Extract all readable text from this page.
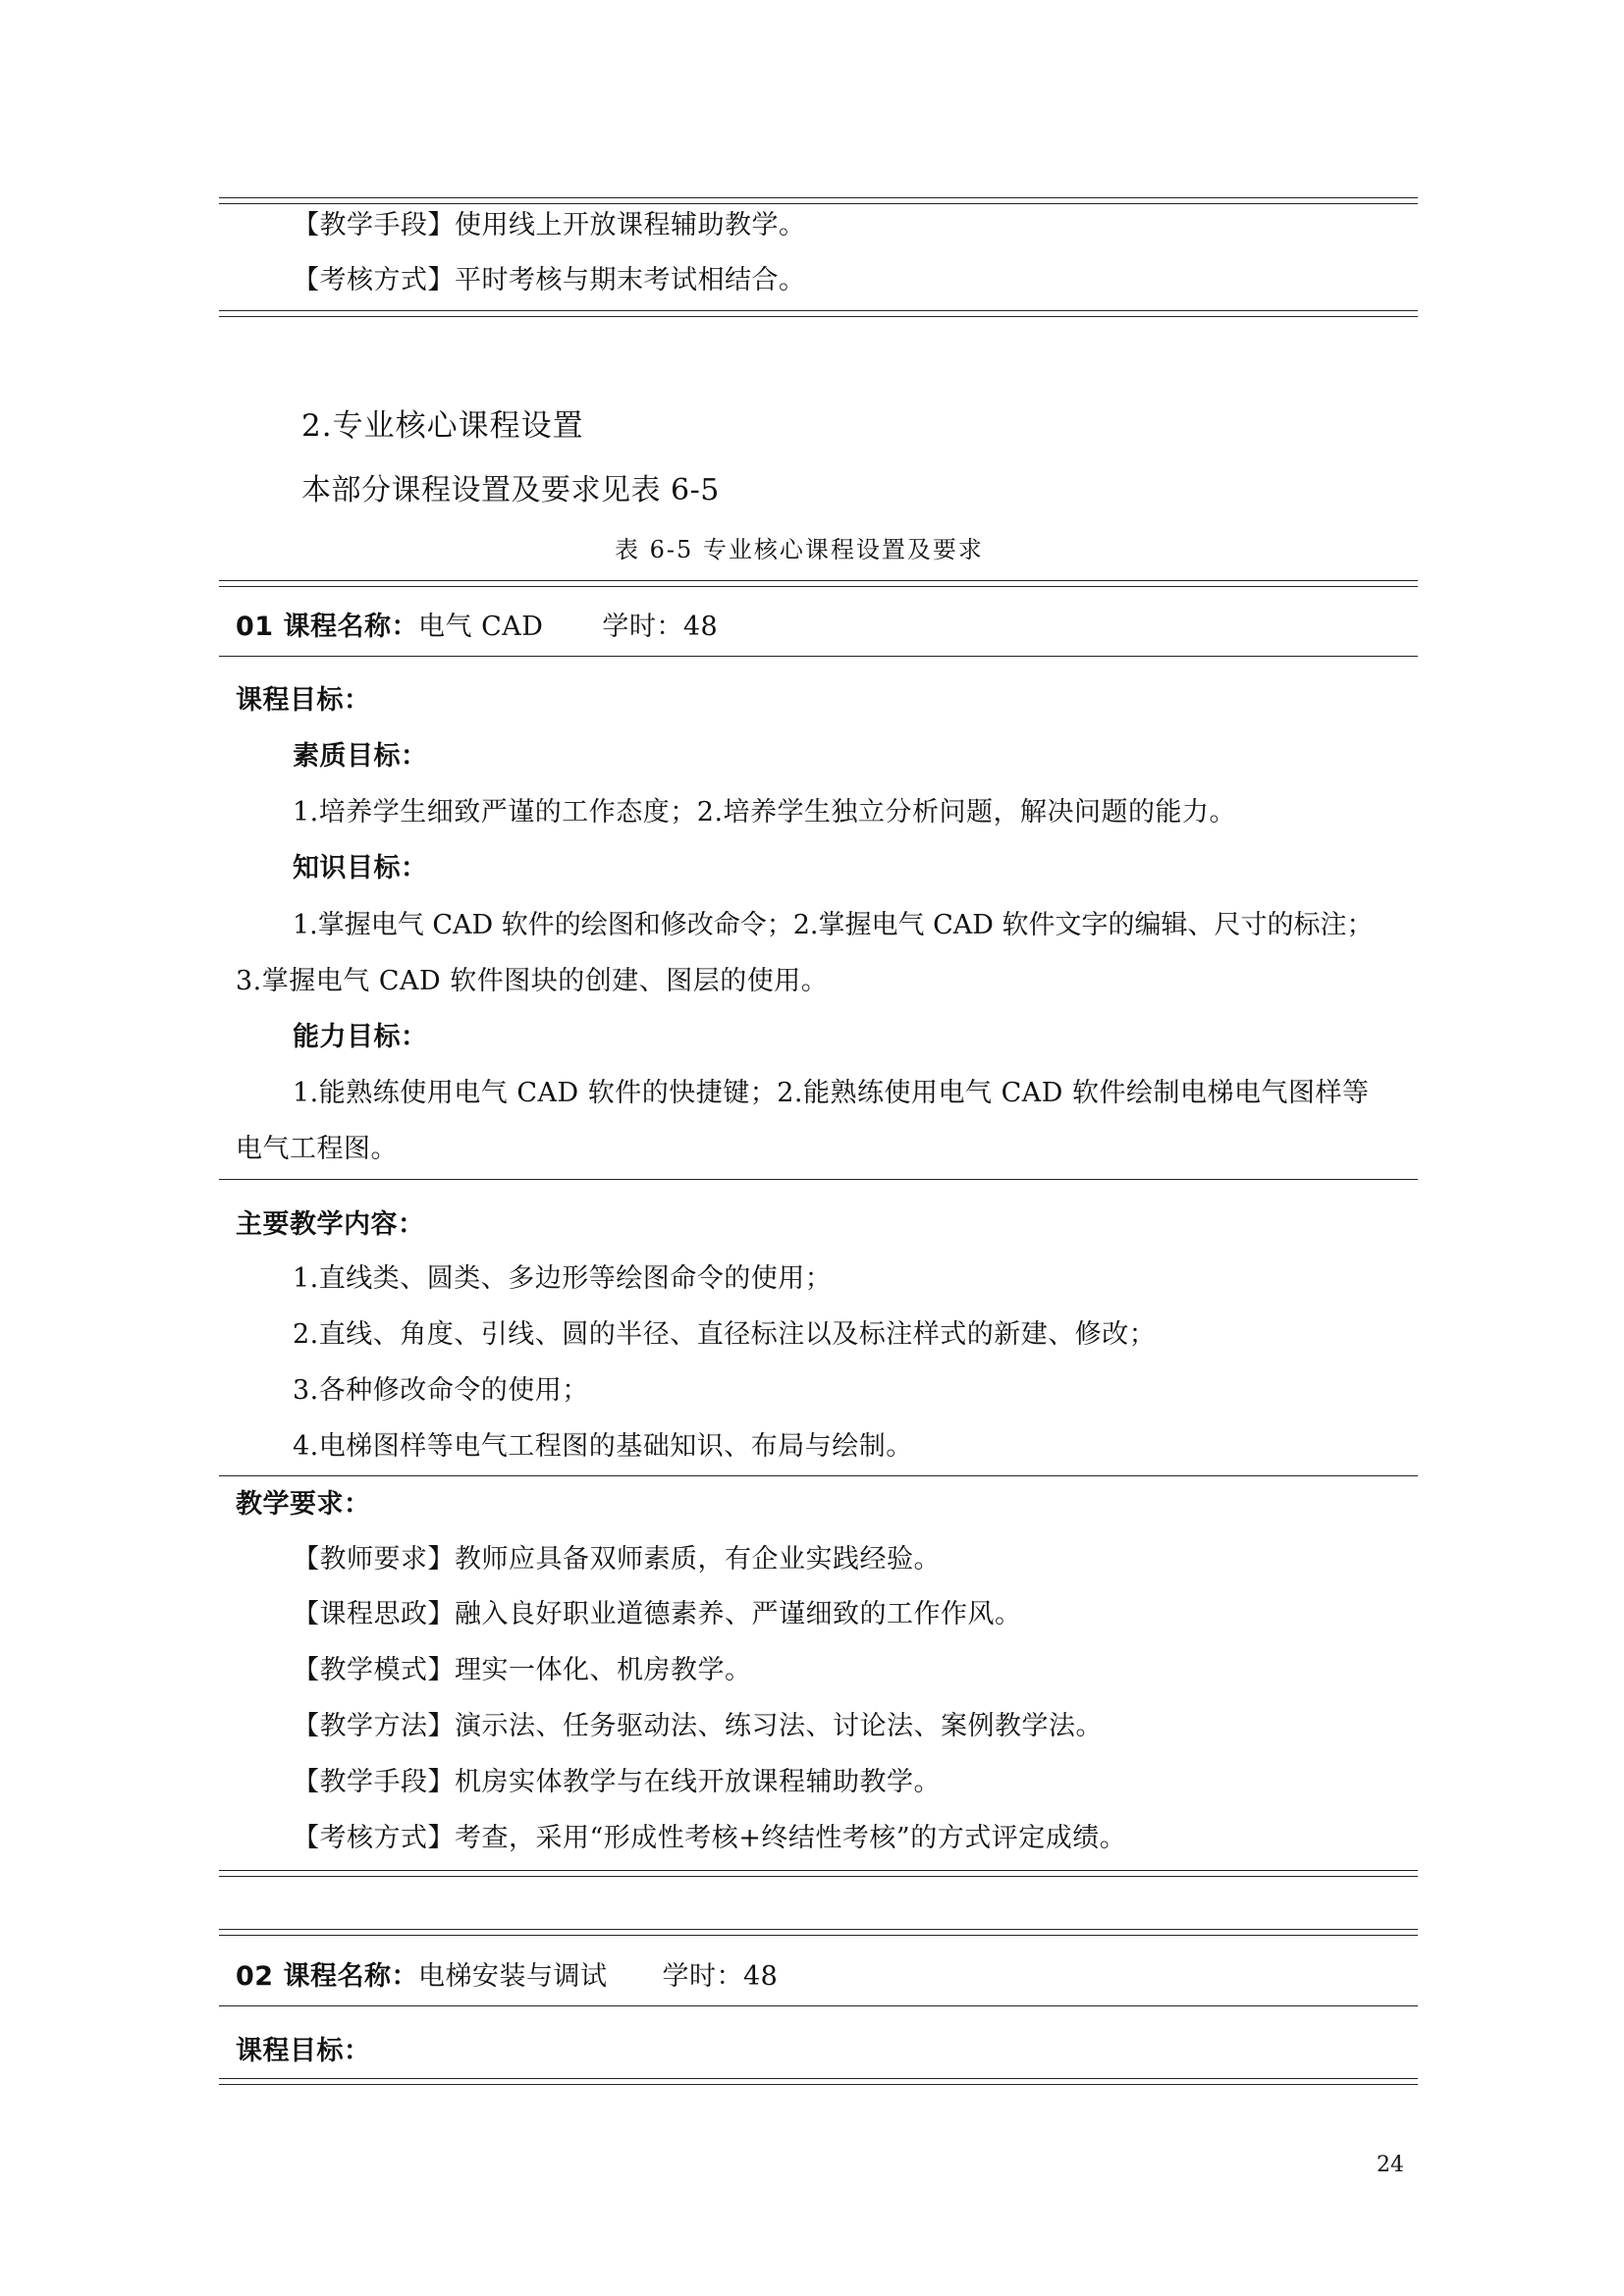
【教学手段】使用线上开放课程辅助教学。
【考核方式】平时考核与期末考试相结合。
2.专业核心课程设置
本部分课程设置及要求见表 6-5
表 6-5 专业核心课程设置及要求
01 课程名称：电气 CAD 学时：48
课程目标：
素质目标：
1.培养学生细致严谨的工作态度；2.培养学生独立分析问题，解决问题的能力。
知识目标：
1.掌握电气 CAD 软件的绘图和修改命令；2.掌握电气 CAD 软件文字的编辑、尺寸的标注；
3.掌握电气 CAD 软件图块的创建、图层的使用。
能力目标：
1.能熟练使用电气 CAD 软件的快捷键；2.能熟练使用电气 CAD 软件绘制电梯电气图样等
电气工程图。
主要教学内容：
1.直线类、圆类、多边形等绘图命令的使用；
2.直线、角度、引线、圆的半径、直径标注以及标注样式的新建、修改；
3.各种修改命令的使用；
4.电梯图样等电气工程图的基础知识、布局与绘制。
教学要求：
【教师要求】教师应具备双师素质，有企业实践经验。
【课程思政】融入良好职业道德素养、严谨细致的工作作风。
【教学模式】理实一体化、机房教学。
【教学方法】演示法、任务驱动法、练习法、讨论法、案例教学法。
【教学手段】机房实体教学与在线开放课程辅助教学。
【考核方式】考查，采用“形成性考核+终结性考核”的方式评定成绩。
02 课程名称：电梯安装与调试 学时：48
课程目标：
24
